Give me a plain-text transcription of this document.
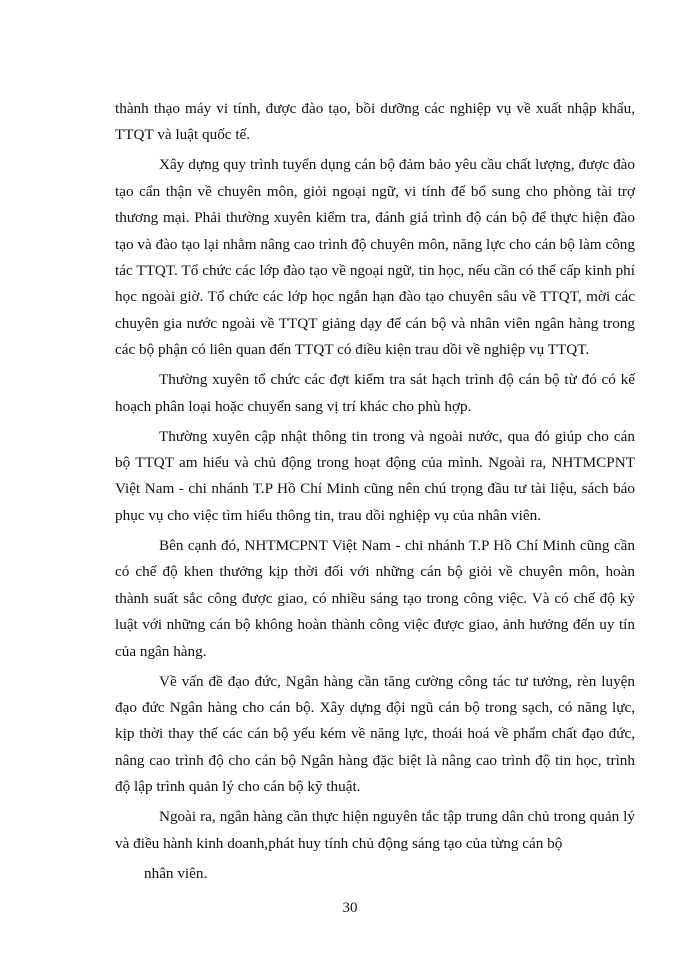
thành thạo máy vi tính, được đào tạo, bồi dưỡng các nghiệp vụ về xuất nhập khẩu, TTQT và luật quốc tế.

Xây dựng quy trình tuyển dụng cán bộ đảm bảo yêu cầu chất lượng, được đào tạo cẩn thận về chuyên môn, giỏi ngoại ngữ, vi tính để bổ sung cho phòng tài trợ thương mại. Phải thường xuyên kiểm tra, đánh giá trình độ cán bộ để thực hiện đào tạo và đào tạo lại nhằm nâng cao trình độ chuyên môn, năng lực cho cán bộ làm công tác TTQT. Tổ chức các lớp đào tạo về ngoại ngữ, tin học, nếu cần có thể cấp kinh phí học ngoài giờ. Tổ chức các lớp học ngắn hạn đào tạo chuyên sâu về TTQT, mời các chuyên gia nước ngoài về TTQT giảng dạy để cán bộ và nhân viên ngân hàng trong các bộ phận có liên quan đến TTQT có điều kiện trau dồi về nghiệp vụ TTQT.

Thường xuyên tổ chức các đợt kiểm tra sát hạch trình độ cán bộ từ đó có kế hoạch phân loại hoặc chuyển sang vị trí khác cho phù hợp.

Thường xuyên cập nhật thông tin trong và ngoài nước, qua đó giúp cho cán bộ TTQT am hiểu và chủ động trong hoạt động của mình. Ngoài ra, NHTMCPNT Việt Nam - chi nhánh T.P Hồ Chí Minh cũng nên chú trọng đầu tư tài liệu, sách báo phục vụ cho việc tìm hiểu thông tin, trau dồi nghiệp vụ của nhân viên.

Bên cạnh đó, NHTMCPNT Việt Nam - chi nhánh T.P Hồ Chí Minh cũng cần có chế độ khen thưởng kịp thời đối với những cán bộ giỏi về chuyên môn, hoàn thành suất sắc công được giao, có nhiều sáng tạo trong công việc. Và có chế độ kỷ luật với những cán bộ không hoàn thành công việc được giao, ảnh hưởng đến uy tín của ngân hàng.

Về vấn đề đạo đức, Ngân hàng cần tăng cường công tác tư tưởng, rèn luyện đạo đức Ngân hàng cho cán bộ. Xây dựng đội ngũ cán bộ trong sạch, có năng lực, kịp thời thay thế các cán bộ yếu kém về năng lực, thoái hoá về phẩm chất đạo đức, nâng cao trình độ cho cán bộ Ngân hàng đặc biệt là nâng cao trình độ tin học, trình độ lập trình quản lý cho cán bộ kỹ thuật.

Ngoài ra, ngân hàng cần thực hiện nguyên tắc tập trung dân chủ trong quản lý và điều hành kinh doanh,phát huy tính chủ động sáng tạo của từng cán bộ

nhân viên.

30
